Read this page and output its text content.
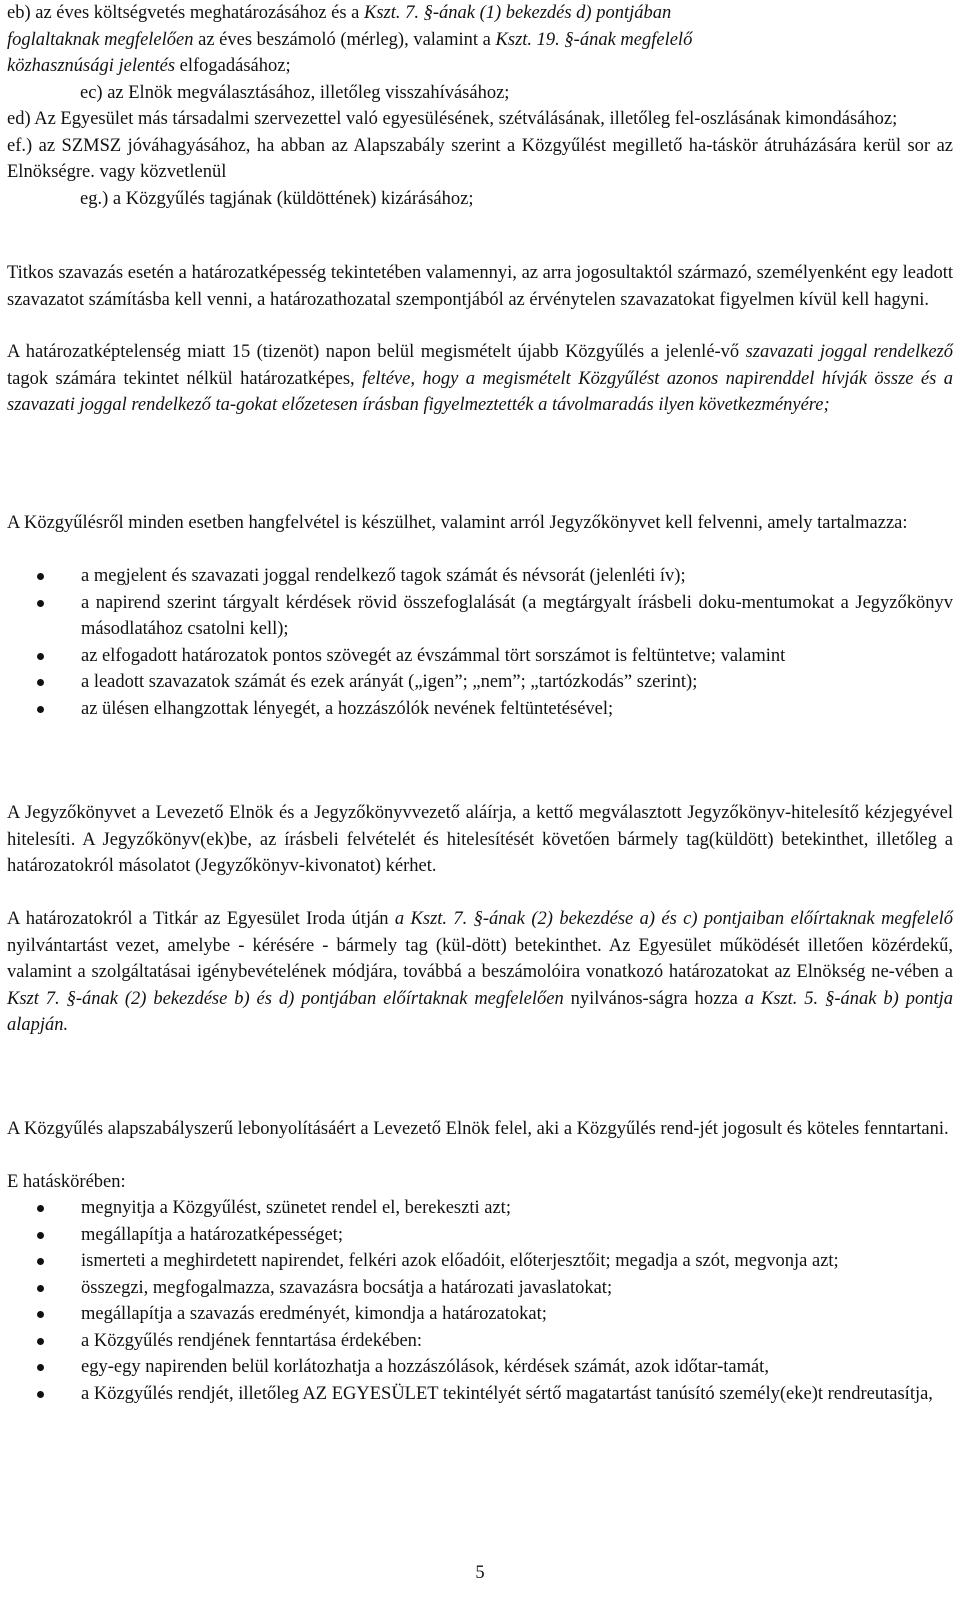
eb) az éves költségvetés meghatározásához és a Kszt. 7. §-ának (1) bekezdés d) pontjában
foglaltaknak megfelelően az éves beszámoló (mérleg), valamint a Kszt. 19. §-ának megfelelő
közhasznúsági jelentés elfogadásához;
ec) az Elnök megválasztásához, illetőleg visszahívásához;
ed) Az Egyesület más társadalmi szervezettel való egyesülésének, szétválásának, illetőleg fel-oszlásának kimondásához;
ef.) az SZMSZ jóváhagyásához, ha abban az Alapszabály szerint a Közgyűlést megillető ha-táskör átruházására kerül sor az Elnökségre. vagy közvetlenül
eg.) a Közgyűlés tagjának (küldöttének) kizárásához;
Titkos szavazás esetén a határozatképesség tekintetében valamennyi, az arra jogosultaktól származó, személyenként egy leadott szavazatot számításba kell venni, a határozathozatal szempontjából az érvénytelen szavazatokat figyelmen kívül kell hagyni.
A határozatképtelenség miatt 15 (tizenöt) napon belül megismételt újabb Közgyűlés a jelenlé-vő szavazati joggal rendelkező tagok számára tekintet nélkül határozatképes, feltéve, hogy a megismételt Közgyűlést azonos napirenddel hívják össze és a szavazati joggal rendelkező ta-gokat előzetesen írásban figyelmeztették a távolmaradás ilyen következményére;
A Közgyűlésről minden esetben hangfelvétel is készülhet, valamint arról Jegyzőkönyvet kell felvenni, amely tartalmazza:
a megjelent és szavazati joggal rendelkező tagok számát és névsorát (jelenléti ív);
a napirend szerint tárgyalt kérdések rövid összefoglalását (a megtárgyalt írásbeli doku-mentumokat a Jegyzőkönyv másodlatához csatolni kell);
az elfogadott határozatok pontos szövegét az évszámmal tört sorszámot is feltüntetve; valamint
a leadott szavazatok számát és ezek arányát („igen”; „nem”; „tartózkodás” szerint);
az ülésen elhangzottak lényegét, a hozzászólók nevének feltüntetésével;
A Jegyzőkönyvet a Levezető Elnök és a Jegyzőkönyvvezető aláírja, a kettő megválasztott Jegyzőkönyv-hitelesítő kézjegyével hitelesíti. A Jegyzőkönyv(ek)be, az írásbeli felvételét és hitelesítését követően bármely tag(küldött) betekinthet, illetőleg a határozatokról másolatot (Jegyzőkönyv-kivonatot) kérhet.
A határozatokról a Titkár az Egyesület Iroda útján a Kszt. 7. §-ának (2) bekezdése a) és c) pontjaiban előírtaknak megfelelő nyilvántartást vezet, amelybe - kérésére - bármely tag (kül-dött) betekinthet. Az Egyesület működését illetően közérdekű, valamint a szolgáltatásai igénybevételének módjára, továbbá a beszámolóira vonatkozó határozatokat az Elnökség ne-vében a Kszt 7. §-ának (2) bekezdése b) és d) pontjában előírtaknak megfelelően nyilvános-ságra hozza a Kszt. 5. §-ának b) pontja alapján.
A Közgyűlés alapszabályszerű lebonyolításáért a Levezető Elnök felel, aki a Közgyűlés rend-jét jogosult és köteles fenntartani.
E hatáskörében:
megnyitja a Közgyűlést, szünetet rendel el, berekeszti azt;
megállapítja a határozatképességet;
ismerteti a meghirdetett napirendet, felkéri azok előadóit, előterjesztőit; megadja a szót, megvonja azt;
összegzi, megfogalmazza, szavazásra bocsátja a határozati javaslatokat;
megállapítja a szavazás eredményét, kimondja a határozatokat;
a Közgyűlés rendjének fenntartása érdekében:
egy-egy napirenden belül korlátozhatja a hozzászólások, kérdések számát, azok időtar-tamát,
a Közgyűlés rendjét, illetőleg AZ EGYESÜLET tekintélyét sértő magatartást tanúsító személy(eke)t rendreutasítja,
5
